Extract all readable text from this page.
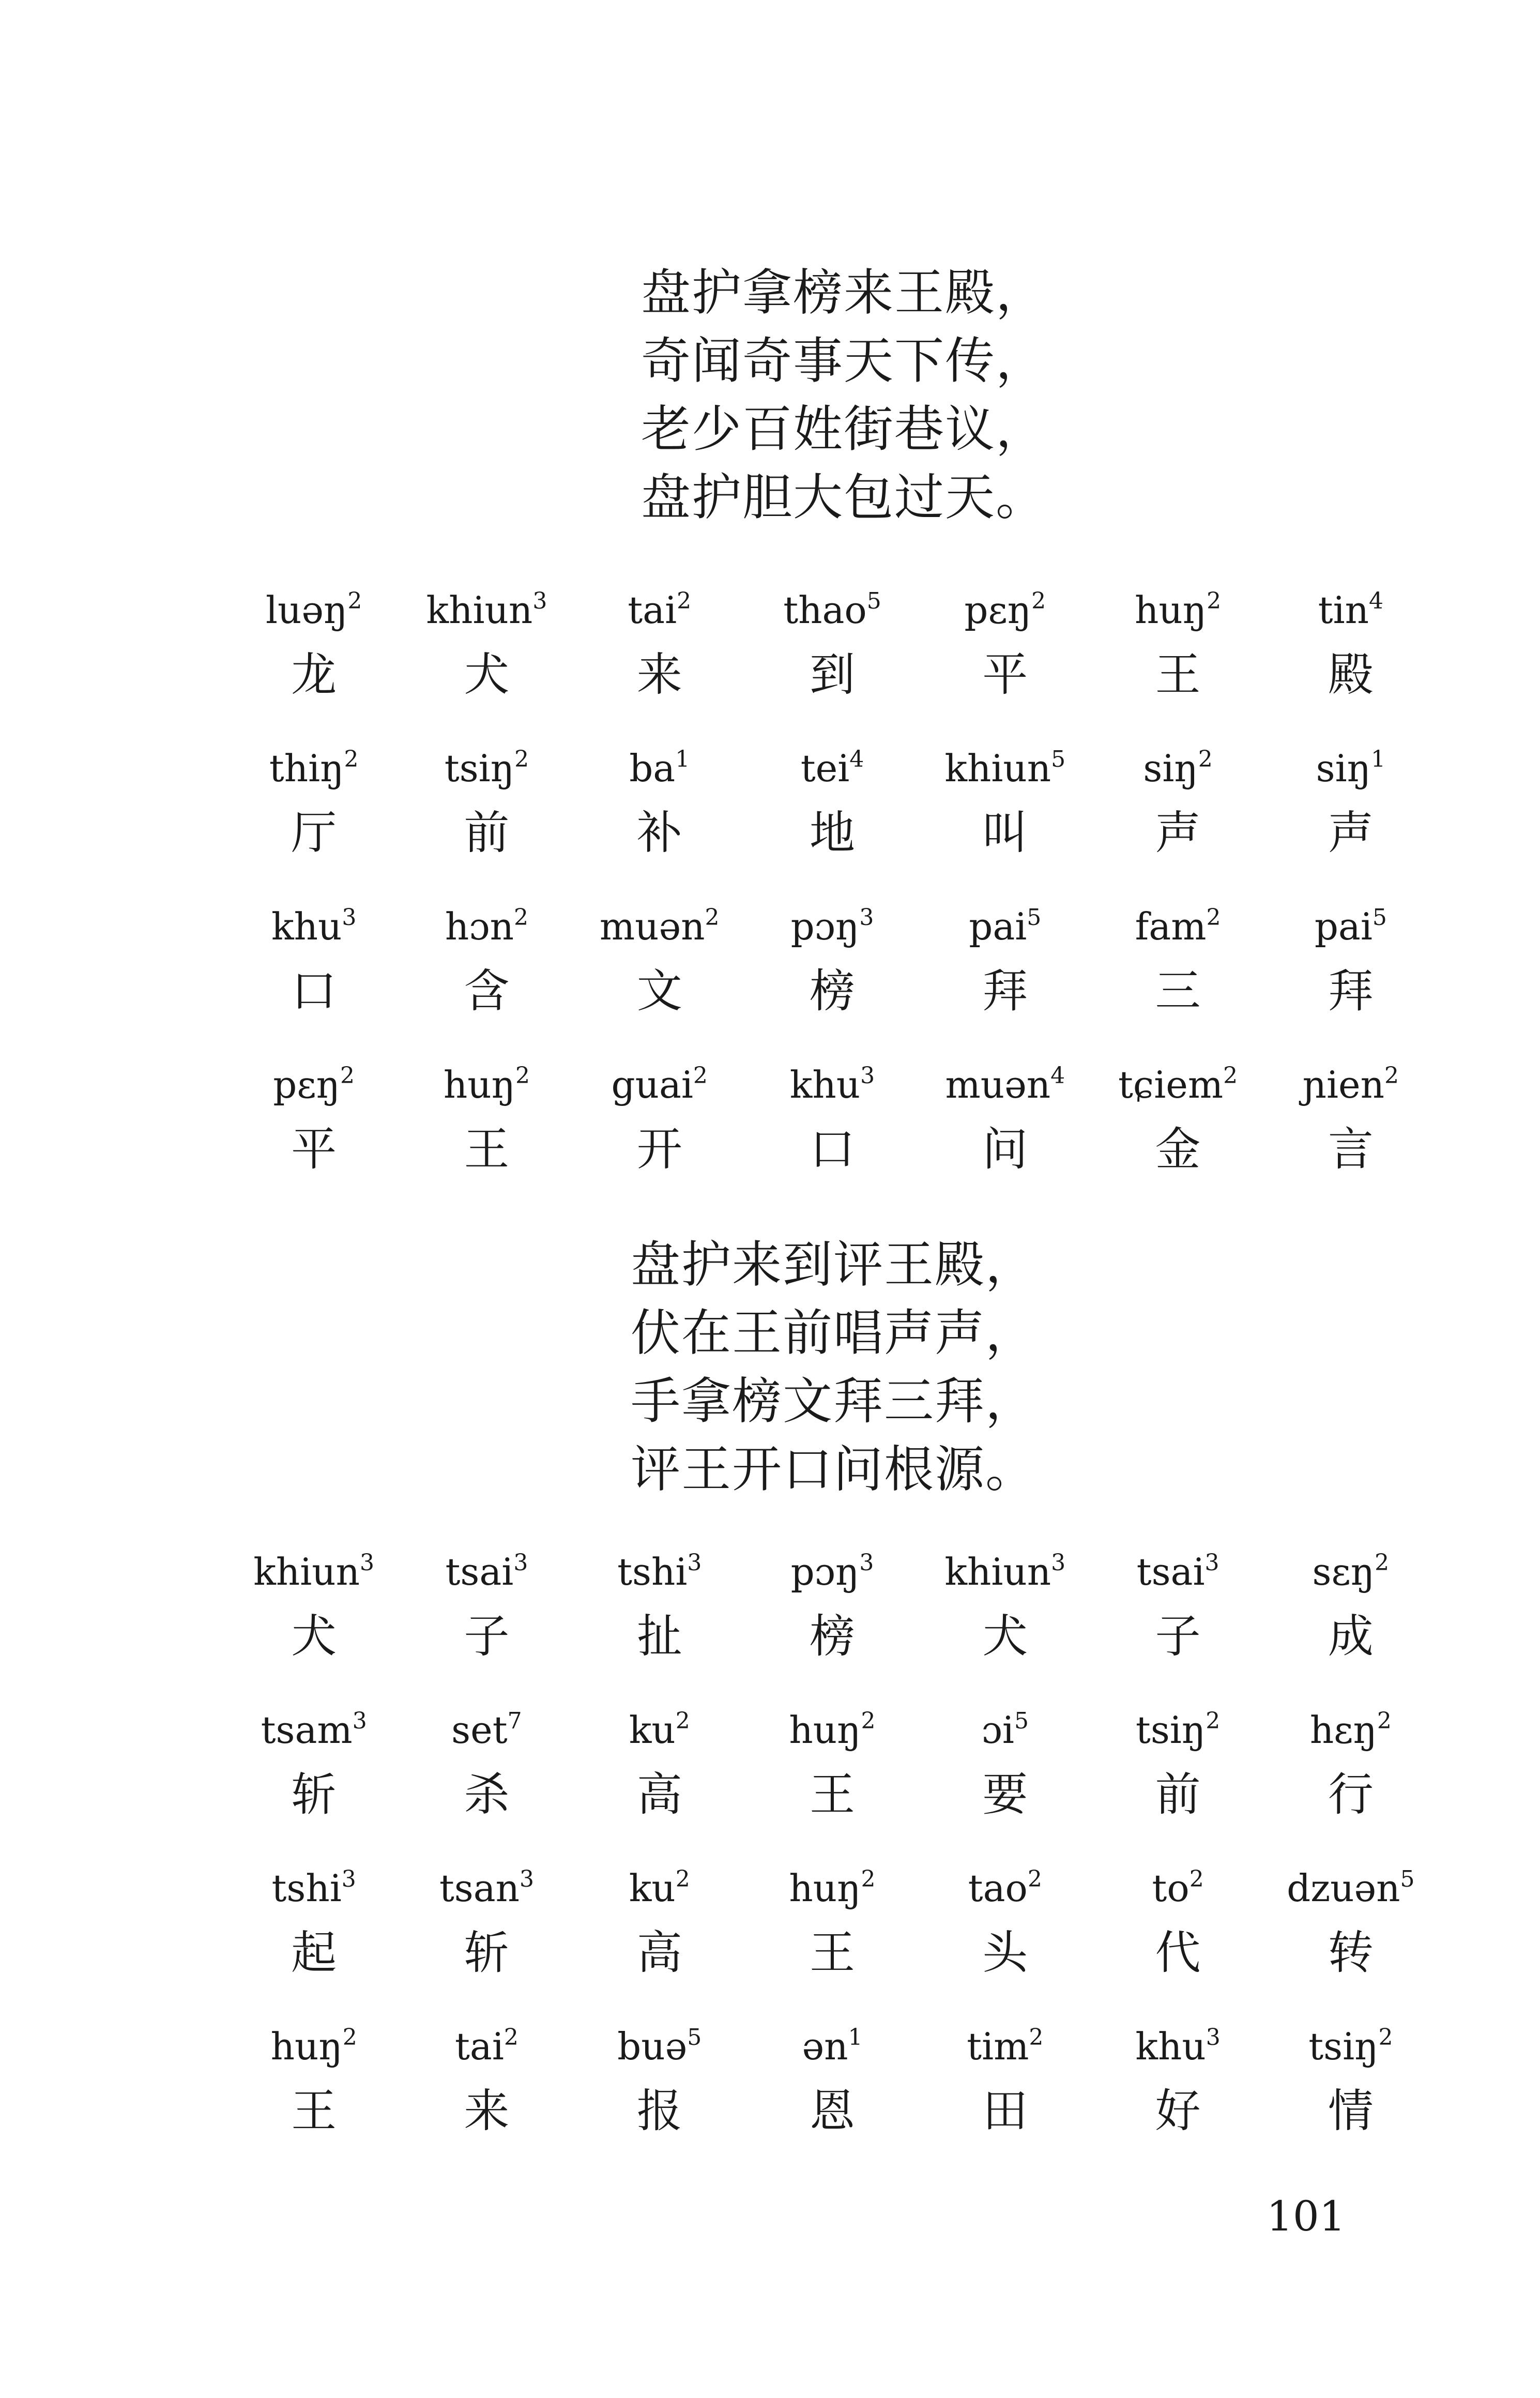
盘护拿榜来王殿，
奇闻奇事天下传，
老少百姓街巷议，
盘护胆大包过天。
luəŋ$^2$
龙
khiun$^3$
犬
tai$^2$
来
thao$^5$
到
pɛŋ$^2$
平
huŋ$^2$
王
tin$^4$
殿
thiŋ$^2$
厅
tsiŋ$^2$
前
$ba^1$
补
tei$^4$
地
khiun$^5$
叫
siŋ$^2$
声
siŋ$^1$
声
khu$^3$
口
hɔn$^2$
含
muən$^2$
文
pɔŋ$^3$
榜
pai$^5$
拜
fam$^2$
三
pai$^5$
拜
pɛŋ$^2$
平
huŋ$^2$
王
guai$^2$
开
khu$^3$
口
muən$^4$
问
tɕiem$^2$
金
ɲien$^2$
言
盘护来到评王殿，
伏在王前唱声声，
手拿榜文拜三拜，
评王开口问根源。
khiun$^3$
犬
tsai$^3$
子
tshi$^3$
扯
pɔŋ$^3$
榜
khiun$^3$
犬
tsai$^3$
子
sɛŋ$^2$
成
tsam$^3$
斩
set$^7$
杀
$ku^2$
高
huŋ$^2$
王
ɔi$^5$
要
tsiŋ$^2$
前
hɛŋ$^2$
行
tshi$^3$
起
tsan$^3$
斩
$ku^2$
高
huŋ$^2$
王
tao$^2$
头
$to^2$
代
dzuən$^5$
转
huŋ$^2$
王
tai$^2$
来
buə$^5$
报
ən$^1$
恩
tim$^2$
田
khu$^3$
好
tsiŋ$^2$
情
101
